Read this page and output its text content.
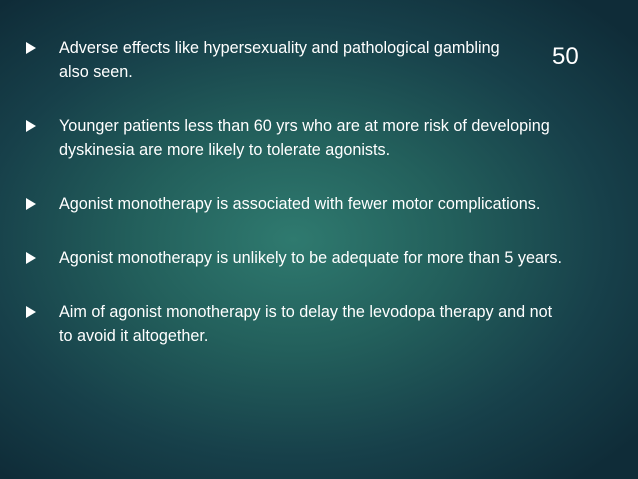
50
Adverse effects like hypersexuality and pathological gambling also seen.
Younger patients less than 60 yrs who are at more risk of developing dyskinesia are more likely to tolerate agonists.
Agonist monotherapy is associated with fewer motor complications.
Agonist monotherapy is unlikely to be adequate for more than 5 years.
Aim of agonist monotherapy is to delay the levodopa therapy and not to avoid it altogether.
